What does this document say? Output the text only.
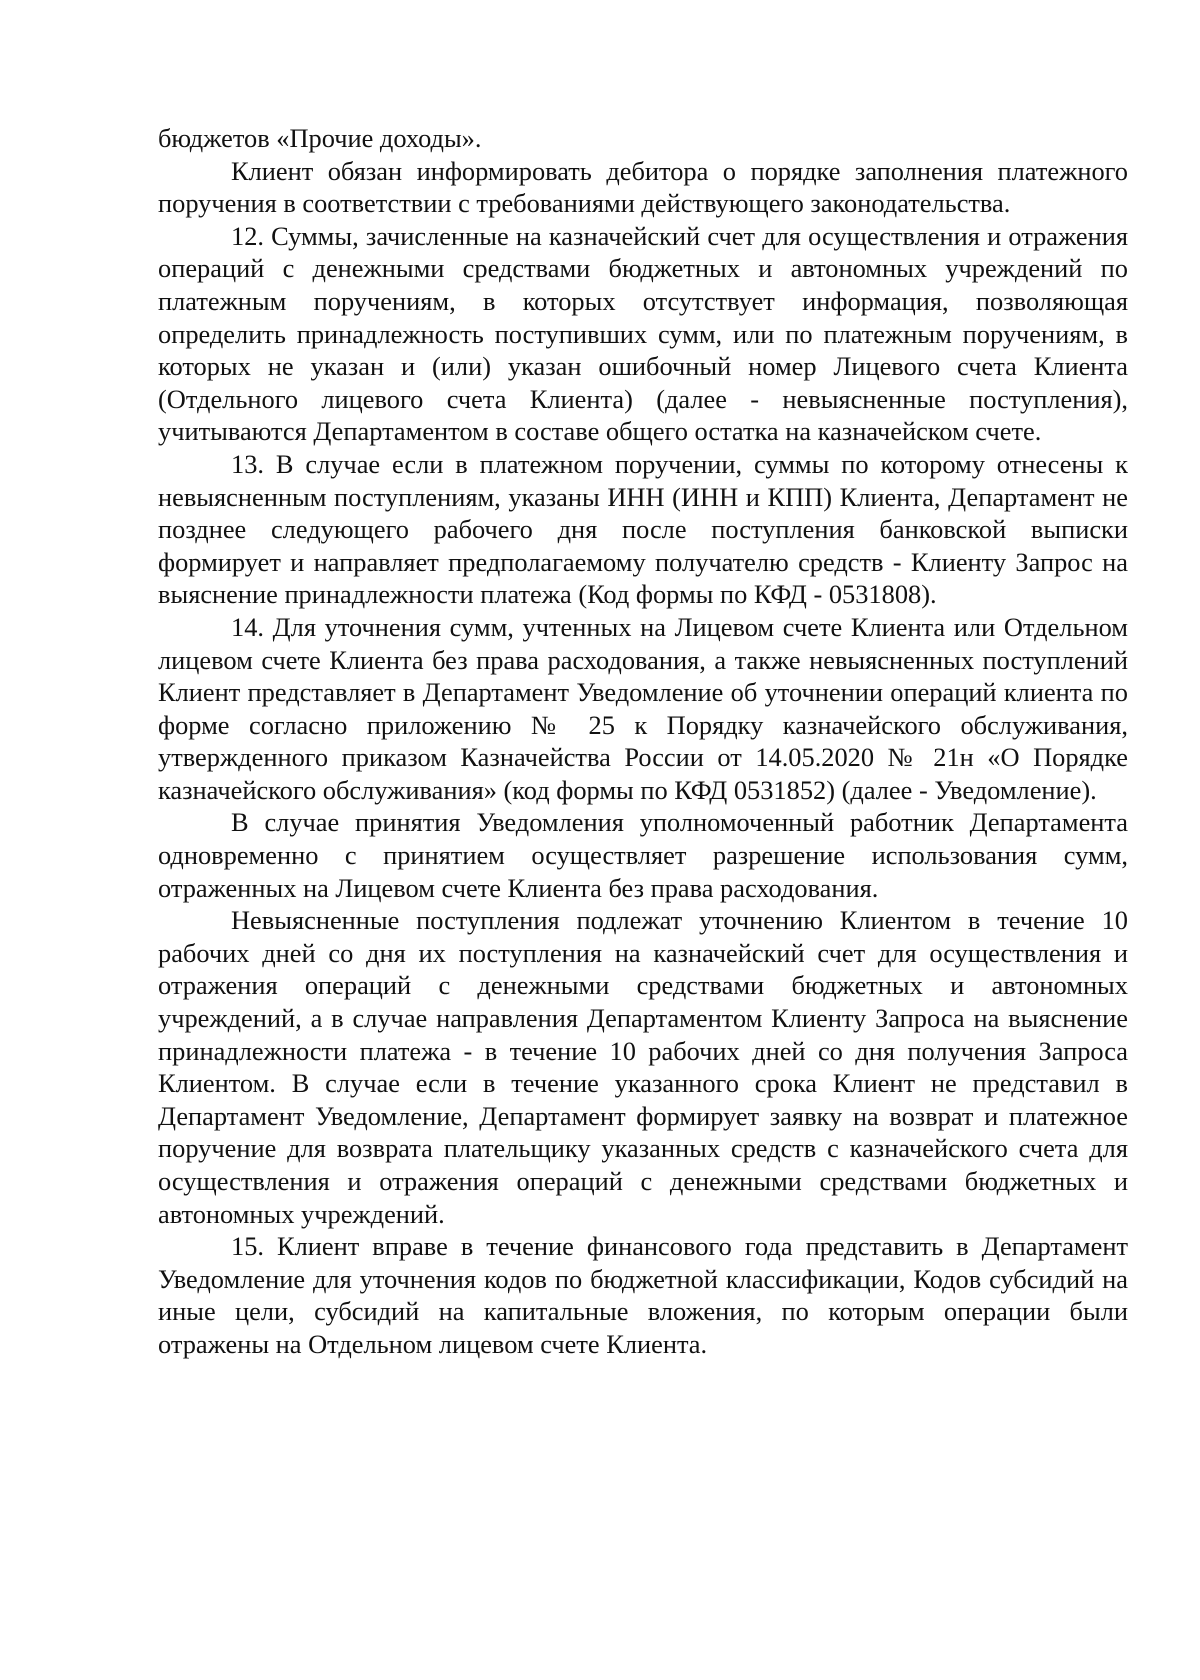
бюджетов «Прочие доходы».

Клиент обязан информировать дебитора о порядке заполнения платежного поручения в соответствии с требованиями действующего законодательства.

12. Суммы, зачисленные на казначейский счет для осуществления и отражения операций с денежными средствами бюджетных и автономных учреждений по платежным поручениям, в которых отсутствует информация, позволяющая определить принадлежность поступивших сумм, или по платежным поручениям, в которых не указан и (или) указан ошибочный номер Лицевого счета Клиента (Отдельного лицевого счета Клиента) (далее - невыясненные поступления), учитываются Департаментом в составе общего остатка на казначейском счете.

13. В случае если в платежном поручении, суммы по которому отнесены к невыясненным поступлениям, указаны ИНН (ИНН и КПП) Клиента, Департамент не позднее следующего рабочего дня после поступления банковской выписки формирует и направляет предполагаемому получателю средств - Клиенту Запрос на выяснение принадлежности платежа (Код формы по КФД - 0531808).

14. Для уточнения сумм, учтенных на Лицевом счете Клиента или Отдельном лицевом счете Клиента без права расходования, а также невыясненных поступлений Клиент представляет в Департамент Уведомление об уточнении операций клиента по форме согласно приложению № 25 к Порядку казначейского обслуживания, утвержденного приказом Казначейства России от 14.05.2020 № 21н «О Порядке казначейского обслуживания» (код формы по КФД 0531852) (далее - Уведомление).

В случае принятия Уведомления уполномоченный работник Департамента одновременно с принятием осуществляет разрешение использования сумм, отраженных на Лицевом счете Клиента без права расходования.

Невыясненные поступления подлежат уточнению Клиентом в течение 10 рабочих дней со дня их поступления на казначейский счет для осуществления и отражения операций с денежными средствами бюджетных и автономных учреждений, а в случае направления Департаментом Клиенту Запроса на выяснение принадлежности платежа - в течение 10 рабочих дней со дня получения Запроса Клиентом. В случае если в течение указанного срока Клиент не представил в Департамент Уведомление, Департамент формирует заявку на возврат и платежное поручение для возврата плательщику указанных средств с казначейского счета для осуществления и отражения операций с денежными средствами бюджетных и автономных учреждений.

15. Клиент вправе в течение финансового года представить в Департамент Уведомление для уточнения кодов по бюджетной классификации, Кодов субсидий на иные цели, субсидий на капитальные вложения, по которым операции были отражены на Отдельном лицевом счете Клиента.
